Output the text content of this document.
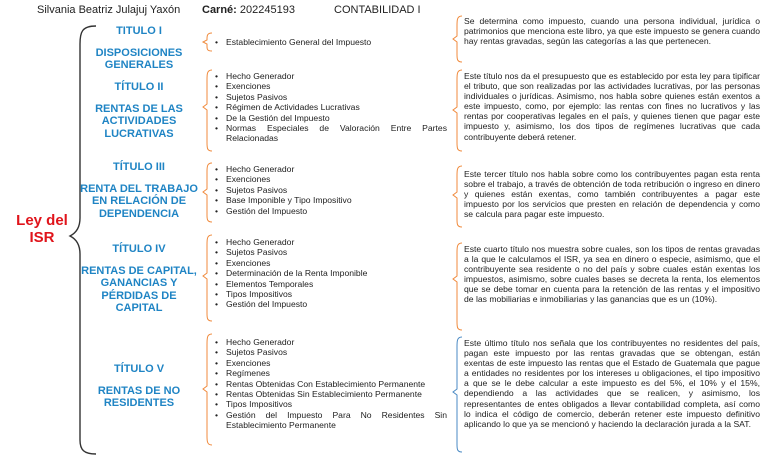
Silvania Beatriz Julajuj Yaxón Carné: 202245193	CONTABILIDAD I
Ley del
ISR
TITULO I
DISPOSICIONES GENERALES
• Establecimiento General del Impuesto
Se determina como impuesto, cuando una persona individual, jurídica o patrimonios que menciona este libro, ya que este impuesto se genera cuando hay rentas gravadas, según las categorías a las que pertenecen.
TÍTULO II
RENTAS DE LAS ACTIVIDADES LUCRATIVAS
• Hecho Generador
• Exenciones
• Sujetos Pasivos
• Régimen de Actividades Lucrativas
• De la Gestión del Impuesto
• Normas Especiales de Valoración Entre Partes Relacionadas
Este título nos da el presupuesto que es establecido por esta ley para tipificar el tributo, que son realizadas por las actividades lucrativas, por las personas individuales o jurídicas. Asimismo, nos habla sobre quienes están exentos a este impuesto, como, por ejemplo: las rentas con fines no lucrativos y las rentas por cooperativas legales en el país, y quienes tienen que pagar este impuesto y, asimismo, los dos tipos de regímenes lucrativas que cada contribuyente deberá retener.
TÍTULO III
RENTA DEL TRABAJO EN RELACIÓN DE DEPENDENCIA
• Hecho Generador
• Exenciones
• Sujetos Pasivos
• Base Imponible y Tipo Impositivo
• Gestión del Impuesto
Este tercer título nos habla sobre como los contribuyentes pagan esta renta sobre el trabajo, a través de obtención de toda retribución o ingreso en dinero y quienes están exentas, como también contribuyentes a pagar este impuesto por los servicios que presten en relación de dependencia y como se calcula para pagar este impuesto.
TÍTULO IV
RENTAS DE CAPITAL, GANANCIAS Y PÉRDIDAS DE CAPITAL
• Hecho Generador
• Sujetos Pasivos
• Exenciones
• Determinación de la Renta Imponible
• Elementos Temporales
• Tipos Impositivos
• Gestión del Impuesto
Este cuarto título nos muestra sobre cuales, son los tipos de rentas gravadas a la que le calculamos el ISR, ya sea en dinero o especie, asimismo, que el contribuyente sea residente o no del país y sobre cuales están exentas los impuestos, asimismo, sobre cuales bases se decreta la renta, los elementos que se debe tomar en cuenta para la retención de las rentas y el impositivo de las mobiliarias e inmobiliarias y las ganancias que es un (10%).
TÍTULO V
RENTAS DE NO RESIDENTES
• Hecho Generador
• Sujetos Pasivos
• Exenciones
• Regímenes
• Rentas Obtenidas Con Establecimiento Permanente
• Rentas Obtenidas Sin Establecimiento Permanente
• Tipos Impositivos
• Gestión del Impuesto Para No Residentes Sin Establecimiento Permanente
Este último título nos señala que los contribuyentes no residentes del país, pagan este impuesto por las rentas gravadas que se obtengan, están exentas de este impuesto las rentas que el Estado de Guatemala que pague a entidades no residentes por los intereses u obligaciones, el tipo impositivo a que se le debe calcular a este impuesto es del 5%, el 10% y el 15%, dependiendo a las actividades que se realicen, y asimismo, los representantes de entes obligados a llevar contabilidad completa, así como lo indica el código de comercio, deberán retener este impuesto definitivo aplicando lo que ya se mencionó y haciendo la declaración jurada a la SAT.
